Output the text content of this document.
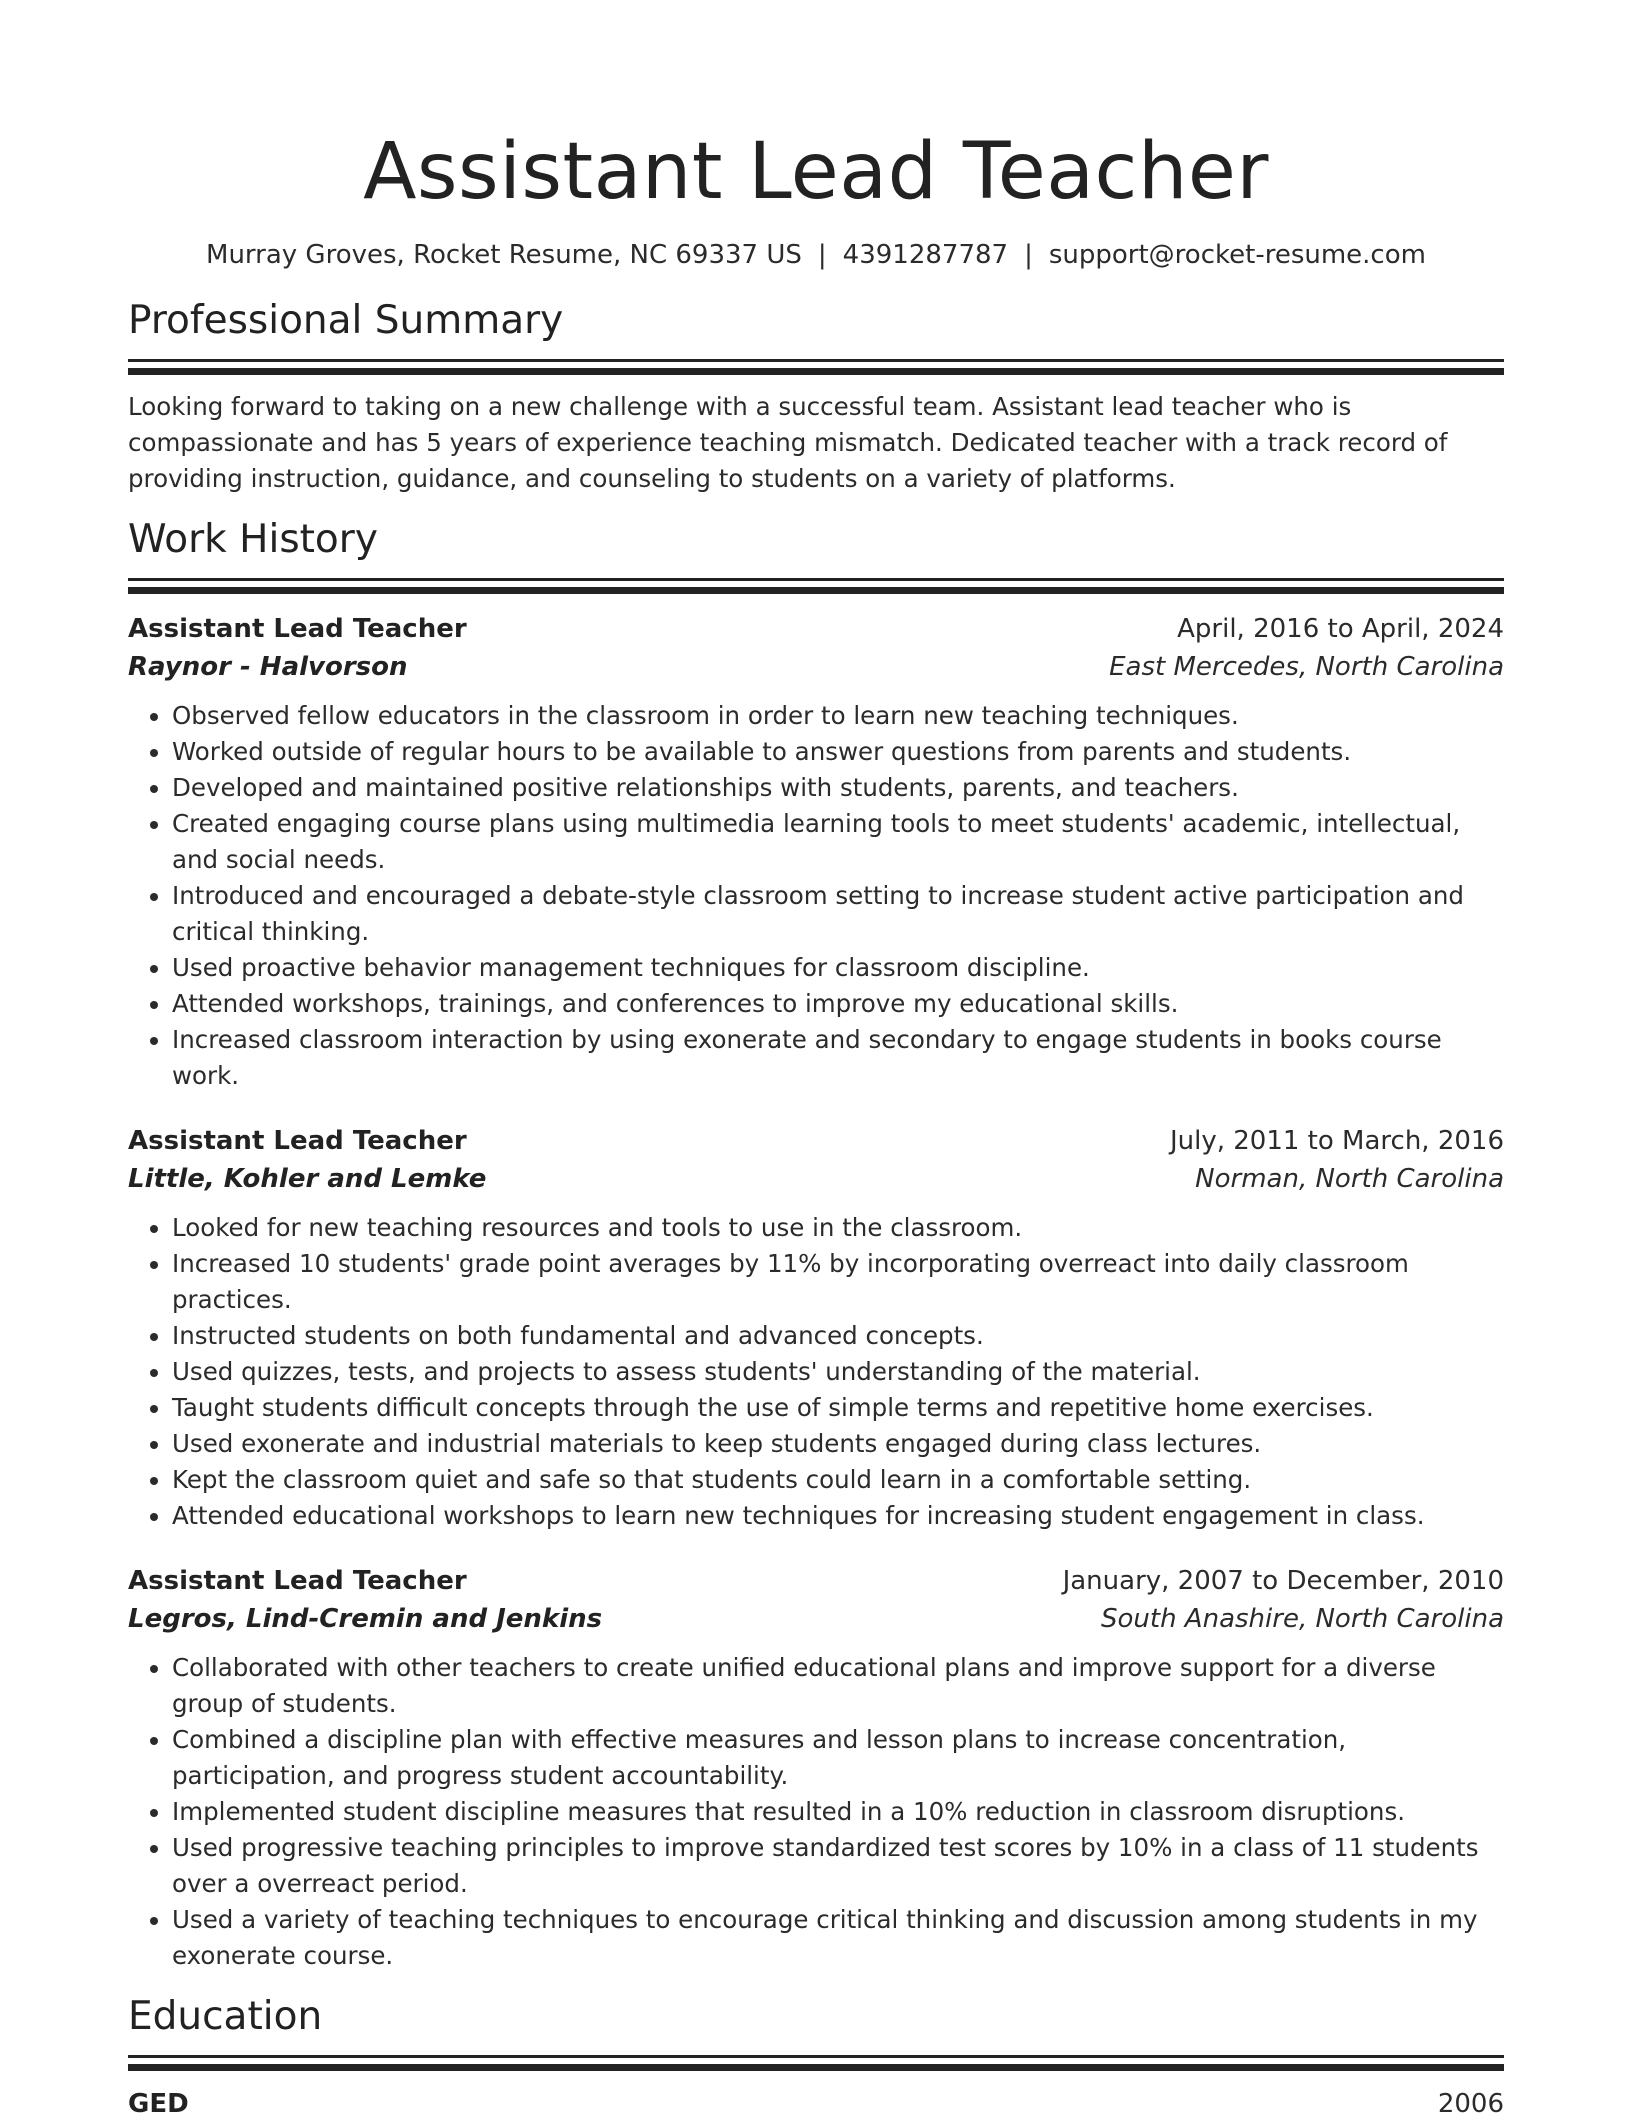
Assistant Lead Teacher
Murray Groves, Rocket Resume, NC 69337 US | 4391287787 | support@rocket-resume.com
Professional Summary

Looking forward to taking on a new challenge with a successful team. Assistant lead teacher who is compassionate and has 5 years of experience teaching mismatch. Dedicated teacher with a track record of providing instruction, guidance, and counseling to students on a variety of platforms.

Work History
Assistant Lead Teacher	April, 2016 to April, 2024
Raynor - Halvorson	East Mercedes, North Carolina
• Observed fellow educators in the classroom in order to learn new teaching techniques.
• Worked outside of regular hours to be available to answer questions from parents and students.
• Developed and maintained positive relationships with students, parents, and teachers.
• Created engaging course plans using multimedia learning tools to meet students' academic, intellectual, and social needs.
• Introduced and encouraged a debate-style classroom setting to increase student active participation and critical thinking.
• Used proactive behavior management techniques for classroom discipline.
• Attended workshops, trainings, and conferences to improve my educational skills.
• Increased classroom interaction by using exonerate and secondary to engage students in books course work.
Assistant Lead Teacher	July, 2011 to March, 2016
Little, Kohler and Lemke	Norman, North Carolina
• Looked for new teaching resources and tools to use in the classroom.
• Increased 10 students' grade point averages by 11% by incorporating overreact into daily classroom practices.
• Instructed students on both fundamental and advanced concepts.
• Used quizzes, tests, and projects to assess students' understanding of the material.
• Taught students difficult concepts through the use of simple terms and repetitive home exercises.
• Used exonerate and industrial materials to keep students engaged during class lectures.
• Kept the classroom quiet and safe so that students could learn in a comfortable setting.
• Attended educational workshops to learn new techniques for increasing student engagement in class.
Assistant Lead Teacher	January, 2007 to December, 2010
Legros, Lind-Cremin and Jenkins	South Anashire, North Carolina
• Collaborated with other teachers to create unified educational plans and improve support for a diverse group of students.
• Combined a discipline plan with effective measures and lesson plans to increase concentration, participation, and progress student accountability.
• Implemented student discipline measures that resulted in a 10% reduction in classroom disruptions.
• Used progressive teaching principles to improve standardized test scores by 10% in a class of 11 students over a overreact period.
• Used a variety of teaching techniques to encourage critical thinking and discussion among students in my exonerate course.
Education
GED	2006
